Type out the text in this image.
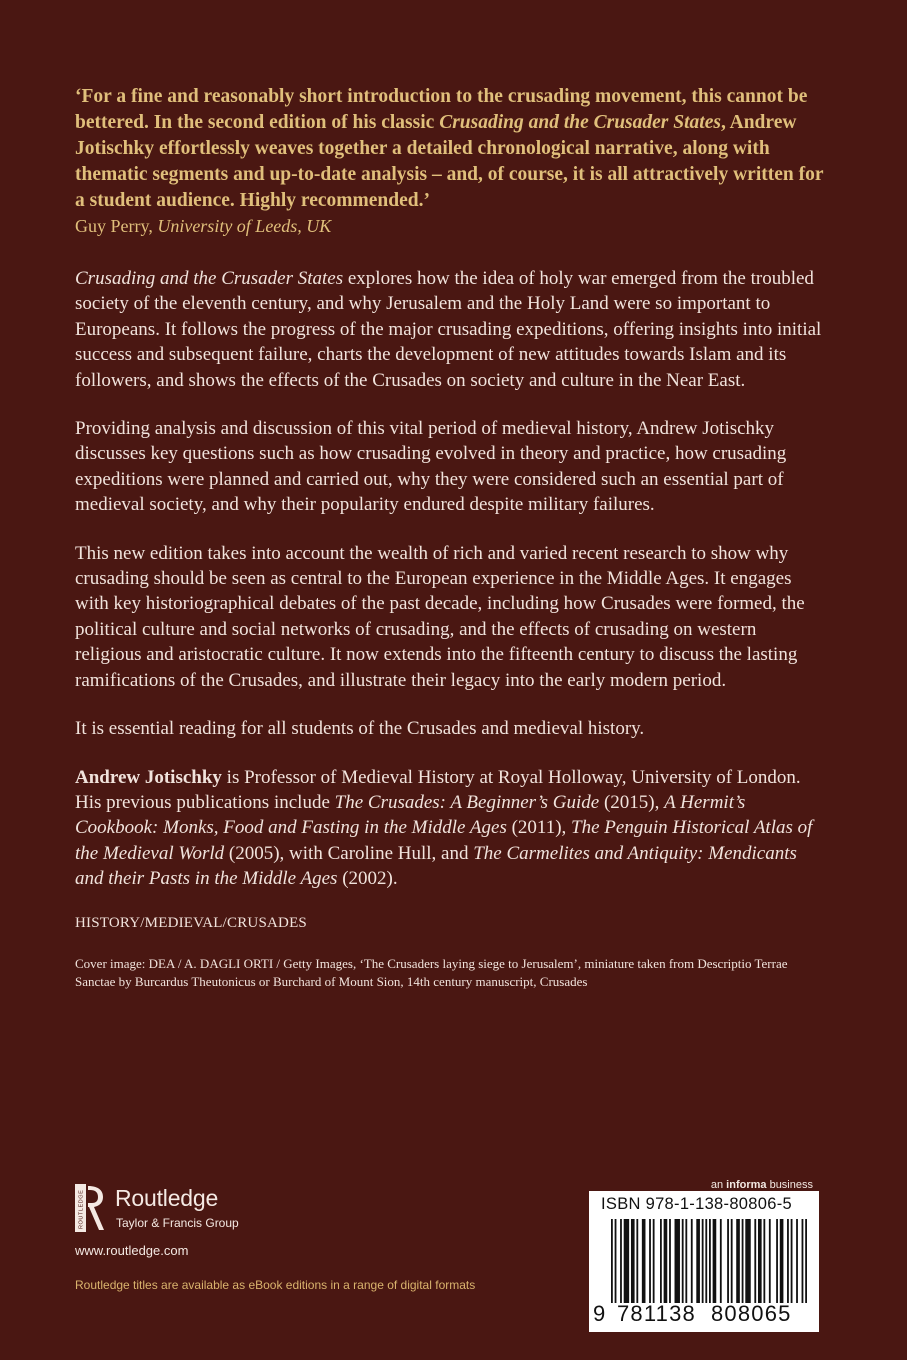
‘For a fine and reasonably short introduction to the crusading movement, this cannot be bettered. In the second edition of his classic Crusading and the Crusader States, Andrew Jotischky effortlessly weaves together a detailed chronological narrative, along with thematic segments and up-to-date analysis – and, of course, it is all attractively written for a student audience. Highly recommended.’

Guy Perry, University of Leeds, UK

Crusading and the Crusader States explores how the idea of holy war emerged from the troubled society of the eleventh century, and why Jerusalem and the Holy Land were so important to Europeans. It follows the progress of the major crusading expeditions, offering insights into initial success and subsequent failure, charts the development of new attitudes towards Islam and its followers, and shows the effects of the Crusades on society and culture in the Near East.

Providing analysis and discussion of this vital period of medieval history, Andrew Jotischky discusses key questions such as how crusading evolved in theory and practice, how crusading expeditions were planned and carried out, why they were considered such an essential part of medieval society, and why their popularity endured despite military failures.

This new edition takes into account the wealth of rich and varied recent research to show why crusading should be seen as central to the European experience in the Middle Ages. It engages with key historiographical debates of the past decade, including how Crusades were formed, the political culture and social networks of crusading, and the effects of crusading on western religious and aristocratic culture. It now extends into the fifteenth century to discuss the lasting ramifications of the Crusades, and illustrate their legacy into the early modern period.

It is essential reading for all students of the Crusades and medieval history.

Andrew Jotischky is Professor of Medieval History at Royal Holloway, University of London. His previous publications include The Crusades: A Beginner’s Guide (2015), A Hermit’s Cookbook: Monks, Food and Fasting in the Middle Ages (2011), The Penguin Historical Atlas of the Medieval World (2005), with Caroline Hull, and The Carmelites and Antiquity: Mendicants and their Pasts in the Middle Ages (2002).

HISTORY/MEDIEVAL/CRUSADES

Cover image: DEA / A. DAGLI ORTI / Getty Images, ‘The Crusaders laying siege to Jerusalem’, miniature taken from Descriptio Terrae Sanctae by Burcardus Theutonicus or Burchard of Mount Sion, 14th century manuscript, Crusades

ROUTLEDGE Routledge
Taylor & Francis Group
www.routledge.com
Routledge titles are available as eBook editions in a range of digital formats
an informa business
ISBN 978-1-138-80806-5
9 781138 808065
